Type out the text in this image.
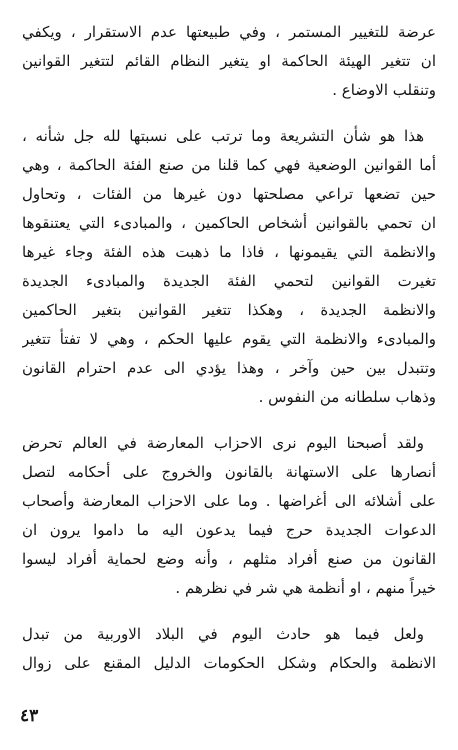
عرضة للتغيير المستمر ، وفي طبيعتها عدم الاستقرار ، ويكفي
ان تتغير الهيئة الحاكمة او يتغير النظام القائم لتتغير القوانين
وتنقلب الاوضاع .
هذا هو شأن التشريعة وما ترتب على نسبتها لله جل شأنه ،
أما القوانين الوضعية فهي كما قلنا من صنع الفئة الحاكمة ، وهي
حين تضعها تراعي مصلحتها دون غيرها من الفئات ، وتحاول
ان تحمي بالقوانين أشخاص الحاكمين ، والمبادىء التي يعتنقوها
والانظمة التي يقيمونها ، فاذا ما ذهبت هذه الفئة وجاء غيرها
تغيرت القوانين لتحمي الفئة الجديدة والمبادىء الجديدة
والانظمة الجديدة ، وهكذا تتغير القوانين بتغير الحاكمين
والمبادىء والانظمة التي يقوم عليها الحكم ، وهي لا تفتأ تتغير
وتتبدل بين حين وآخر ، وهذا يؤدي الى عدم احترام القانون
وذهاب سلطانه من النفوس .
ولقد أصبحنا اليوم نرى الاحزاب المعارضة في العالم تحرض
أنصارها على الاستهانة بالقانون والخروج على أحكامه لتصل
على أشلائه الى أغراضها . وما على الاحزاب المعارضة وأصحاب
الدعوات الجديدة حرج فيما يدعون اليه ما داموا يرون ان
القانون من صنع أفراد مثلهم ، وأنه وضع لحماية أفراد ليسوا
خيراً منهم ، او أنظمة هي شر في نظرهم .
ولعل فيما هو حادث اليوم في البلاد الاوربية من تبدل
الانظمة والحكام وشكل الحكومات الدليل المقنع على زوال
٤٣
